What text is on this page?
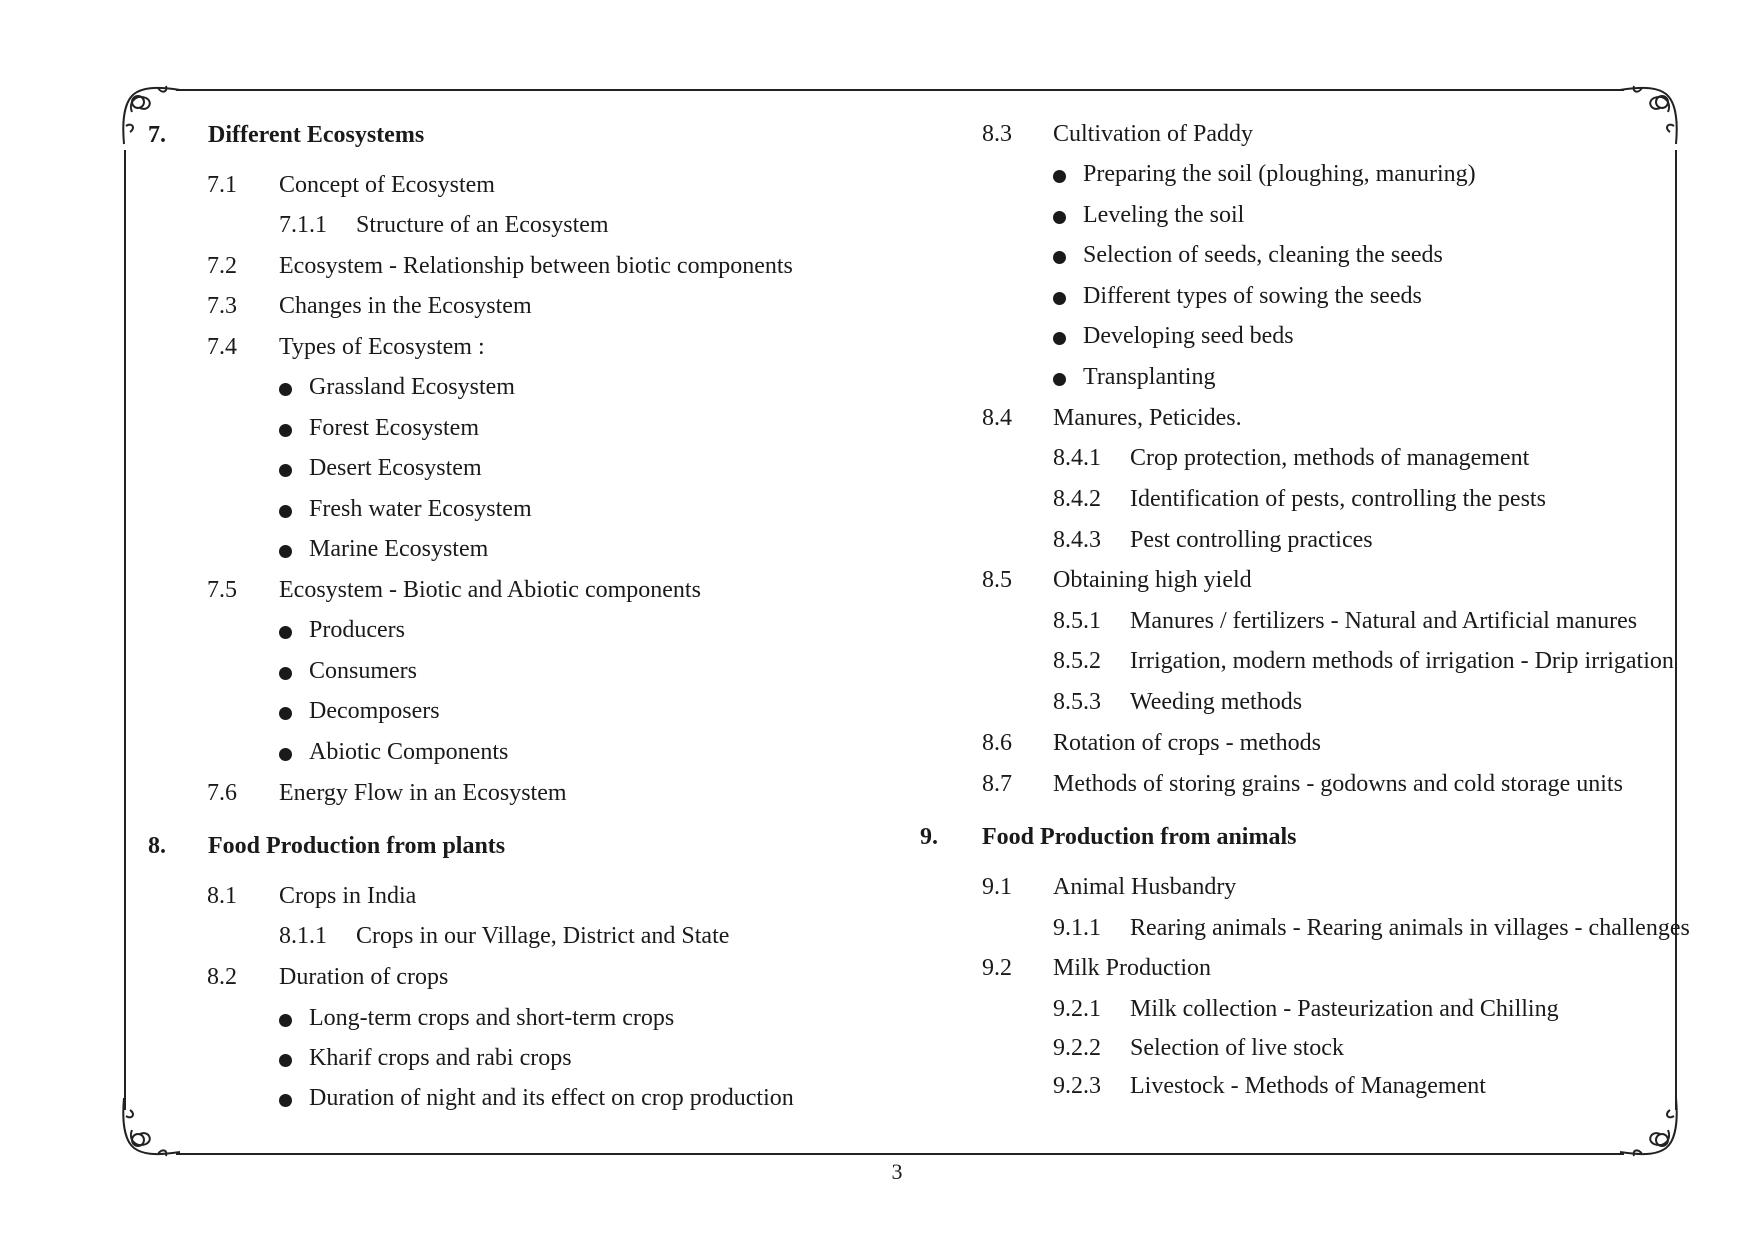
7. Different Ecosystems
7.1 Concept of Ecosystem
7.1.1 Structure of an Ecosystem
7.2 Ecosystem - Relationship between biotic components
7.3 Changes in the Ecosystem
7.4 Types of Ecosystem :
Grassland Ecosystem
Forest Ecosystem
Desert Ecosystem
Fresh water Ecosystem
Marine Ecosystem
7.5 Ecosystem - Biotic and Abiotic components
Producers
Consumers
Decomposers
Abiotic Components
7.6 Energy Flow in an Ecosystem
8. Food Production from plants
8.1 Crops in India
8.1.1 Crops in our Village, District and State
8.2 Duration of crops
Long-term crops and short-term crops
Kharif crops and rabi crops
Duration of night and its effect on crop production
8.3 Cultivation of Paddy
Preparing the soil (ploughing, manuring)
Leveling the soil
Selection of seeds, cleaning the seeds
Different types of sowing the seeds
Developing seed beds
Transplanting
8.4 Manures, Peticides.
8.4.1 Crop protection, methods of management
8.4.2 Identification of pests, controlling the pests
8.4.3 Pest controlling practices
8.5 Obtaining high yield
8.5.1 Manures / fertilizers - Natural and Artificial manures
8.5.2 Irrigation, modern methods of irrigation - Drip irrigation
8.5.3 Weeding methods
8.6 Rotation of crops - methods
8.7 Methods of storing grains - godowns and cold storage units
9. Food Production from animals
9.1 Animal Husbandry
9.1.1 Rearing animals - Rearing animals in villages - challenges
9.2 Milk Production
9.2.1 Milk collection - Pasteurization and Chilling
9.2.2 Selection of live stock
9.2.3 Livestock - Methods of Management
3
